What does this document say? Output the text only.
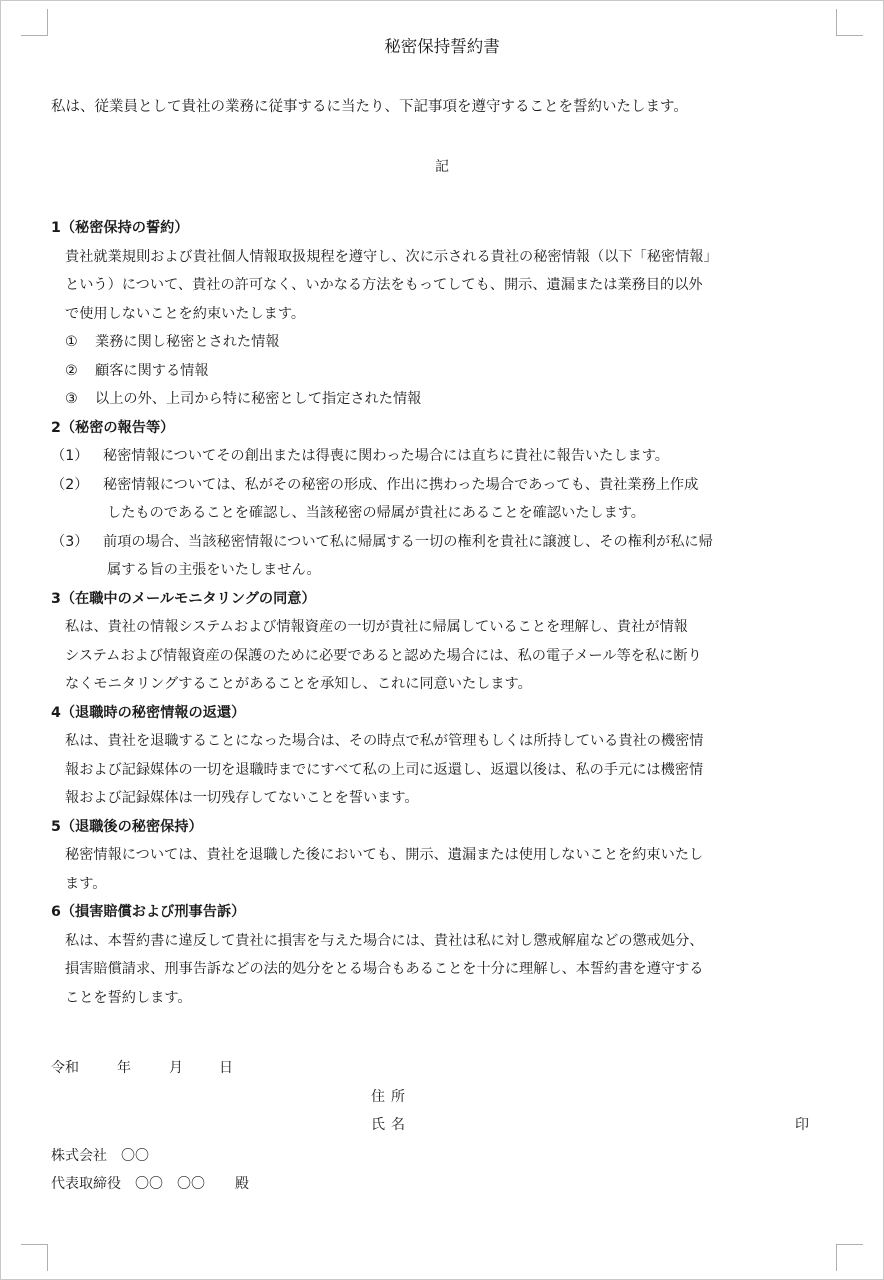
秘密保持誓約書
私は、従業員として貴社の業務に従事するに当たり、下記事項を遵守することを誓約いたします。
記
1（秘密保持の誓約）
貴社就業規則および貴社個人情報取扱規程を遵守し、次に示される貴社の秘密情報（以下「秘密情報」
という）について、貴社の許可なく、いかなる方法をもってしても、開示、遺漏または業務目的以外
で使用しないことを約束いたします。
① 業務に関し秘密とされた情報
② 顧客に関する情報
③ 以上の外、上司から特に秘密として指定された情報
2（秘密の報告等）
（1） 秘密情報についてその創出または得喪に関わった場合には直ちに貴社に報告いたします。
（2） 秘密情報については、私がその秘密の形成、作出に携わった場合であっても、貴社業務上作成
したものであることを確認し、当該秘密の帰属が貴社にあることを確認いたします。
（3） 前項の場合、当該秘密情報について私に帰属する一切の権利を貴社に譲渡し、その権利が私に帰
属する旨の主張をいたしません。
3（在職中のメールモニタリングの同意）
私は、貴社の情報システムおよび情報資産の一切が貴社に帰属していることを理解し、貴社が情報
システムおよび情報資産の保護のために必要であると認めた場合には、私の電子メール等を私に断り
なくモニタリングすることがあることを承知し、これに同意いたします。
4（退職時の秘密情報の返還）
私は、貴社を退職することになった場合は、その時点で私が管理もしくは所持している貴社の機密情
報および記録媒体の一切を退職時までにすべて私の上司に返還し、返還以後は、私の手元には機密情
報および記録媒体は一切残存してないことを誓います。
5（退職後の秘密保持）
秘密情報については、貴社を退職した後においても、開示、遺漏または使用しないことを約束いたし
ます。
6（損害賠償および刑事告訴）
私は、本誓約書に違反して貴社に損害を与えた場合には、貴社は私に対し懲戒解雇などの懲戒処分、
損害賠償請求、刑事告訴などの法的処分をとる場合もあることを十分に理解し、本誓約書を遵守する
ことを誓約します。
令和	年	月	日
住所
氏名	印
株式会社　〇〇
代表取締役　〇〇　〇〇 殿
